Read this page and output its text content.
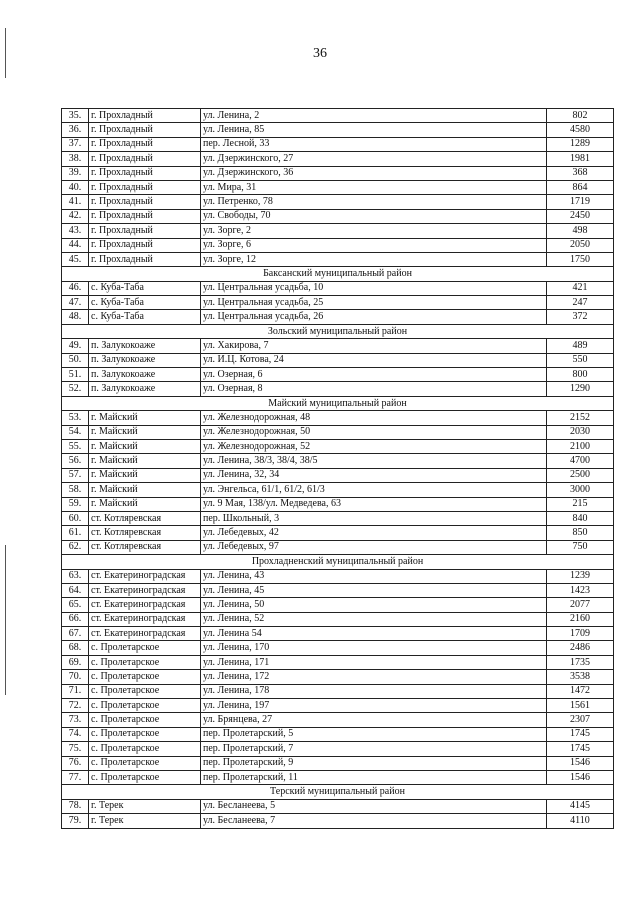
36
35.	г. Прохладный	ул. Ленина, 2	802
36.	г. Прохладный	ул. Ленина, 85	4580
37.	г. Прохладный	пер. Лесной, 33	1289
38.	г. Прохладный	ул. Дзержинского, 27	1981
39.	г. Прохладный	ул. Дзержинского, 36	368
40.	г. Прохладный	ул. Мира, 31	864
41.	г. Прохладный	ул. Петренко, 78	1719
42.	г. Прохладный	ул. Свободы, 70	2450
43.	г. Прохладный	ул. Зорге, 2	498
44.	г. Прохладный	ул. Зорге, 6	2050
45.	г. Прохладный	ул. Зорге, 12	1750
Баксанский муниципальный район			
46.	с. Куба-Таба	ул. Центральная усадьба, 10	421
47.	с. Куба-Таба	ул. Центральная усадьба, 25	247
48.	с. Куба-Таба	ул. Центральная усадьба, 26	372
Зольский муниципальный район			
49.	п. Залукокоаже	ул. Хакирова, 7	489
50.	п. Залукокоаже	ул. И.Ц. Котова, 24	550
51.	п. Залукокоаже	ул. Озерная, 6	800
52.	п. Залукокоаже	ул. Озерная, 8	1290
Майский муниципальный район			
53.	г. Майский	ул. Железнодорожная, 48	2152
54.	г. Майский	ул. Железнодорожная, 50	2030
55.	г. Майский	ул. Железнодорожная, 52	2100
56.	г. Майский	ул. Ленина, 38/3, 38/4, 38/5	4700
57.	г. Майский	ул. Ленина, 32, 34	2500
58.	г. Майский	ул. Энгельса, 61/1, 61/2, 61/3	3000
59.	г. Майский	ул. 9 Мая, 138/ул. Медведева, 63	215
60.	ст. Котляревская	пер. Школьный, 3	840
61.	ст. Котляревская	ул. Лебедевых, 42	850
62.	ст. Котляревская	ул. Лебедевых, 97	750
Прохладненский муниципальный район			
63.	ст. Екатериноградская	ул. Ленина, 43	1239
64.	ст. Екатериноградская	ул. Ленина, 45	1423
65.	ст. Екатериноградская	ул. Ленина, 50	2077
66.	ст. Екатериноградская	ул. Ленина, 52	2160
67.	ст. Екатериноградская	ул. Ленина 54	1709
68.	с. Пролетарское	ул. Ленина, 170	2486
69.	с. Пролетарское	ул. Ленина, 171	1735
70.	с. Пролетарское	ул. Ленина, 172	3538
71.	с. Пролетарское	ул. Ленина, 178	1472
72.	с. Пролетарское	ул. Ленина, 197	1561
73.	с. Пролетарское	ул. Брянцева, 27	2307
74.	с. Пролетарское	пер. Пролетарский, 5	1745
75.	с. Пролетарское	пер. Пролетарский, 7	1745
76.	с. Пролетарское	пер. Пролетарский, 9	1546
77.	с. Пролетарское	пер. Пролетарский, 11	1546
Терский муниципальный район			
78.	г. Терек	ул. Бесланеева, 5	4145
79.	г. Терек	ул. Бесланеева, 7	4110
